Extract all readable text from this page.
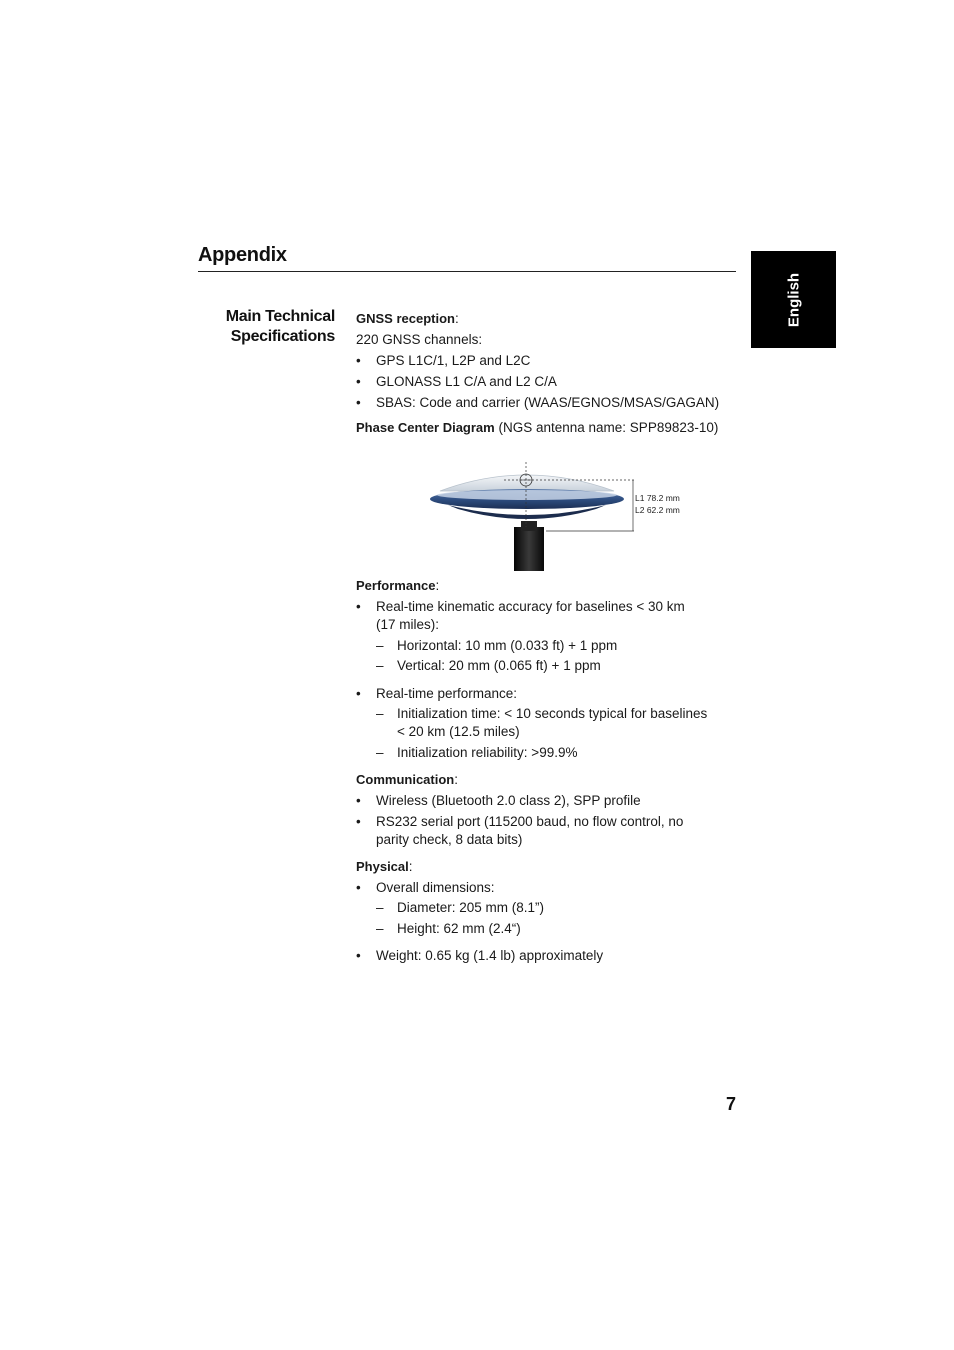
Appendix
English
Main Technical
Specifications
GNSS reception:
220 GNSS channels:
• GPS L1C/1, L2P and L2C
• GLONASS L1 C/A and L2 C/A
• SBAS: Code and carrier (WAAS/EGNOS/MSAS/GAGAN)
Phase Center Diagram (NGS antenna name: SPP89823-10)
Performance:
• Real-time kinematic accuracy for baselines < 30 km
(17 miles):
– Horizontal: 10 mm (0.033 ft) + 1 ppm
– Vertical: 20 mm (0.065 ft) + 1 ppm
• Real-time performance:
– Initialization time: < 10 seconds typical for baselines
< 20 km (12.5 miles)
– Initialization reliability: >99.9%
Communication:
• Wireless (Bluetooth 2.0 class 2), SPP profile
• RS232 serial port (115200 baud, no flow control, no
parity check, 8 data bits)
Physical:
• Overall dimensions:
– Diameter: 205 mm (8.1”)
– Height: 62 mm (2.4“)
• Weight: 0.65 kg (1.4 lb) approximately
L1 78.2 mm
L2 62.2 mm
7
